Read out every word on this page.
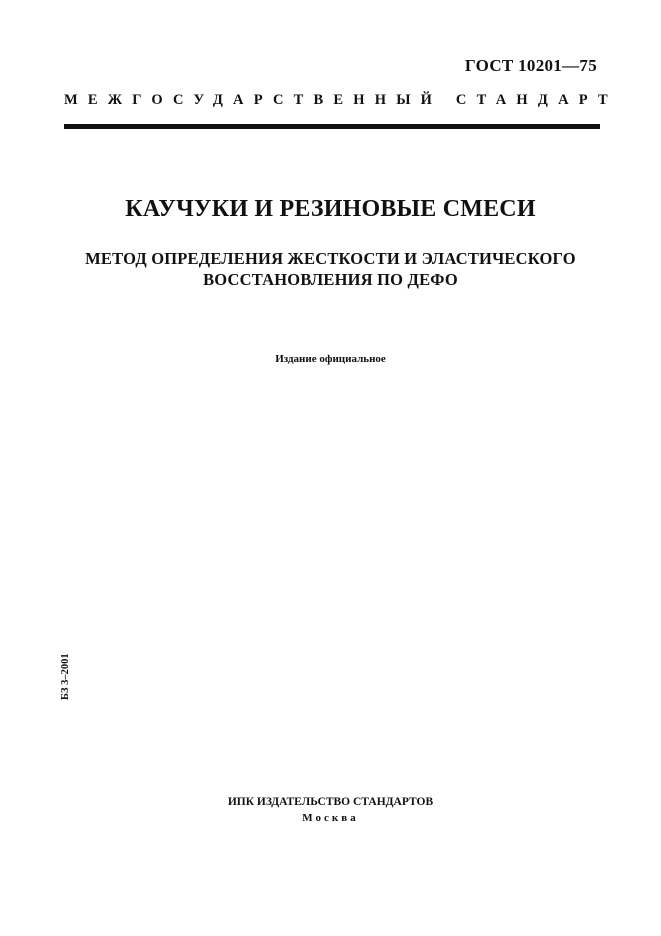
ГОСТ 10201—75
МЕЖГОСУДАРСТВЕННЫЙ СТАНДАРТ
КАУЧУКИ И РЕЗИНОВЫЕ СМЕСИ
МЕТОД ОПРЕДЕЛЕНИЯ ЖЕСТКОСТИ И ЭЛАСТИЧЕСКОГО
ВОССТАНОВЛЕНИЯ ПО ДЕФО
Издание официальное
БЗ 3–2001
ИПК ИЗДАТЕЛЬСТВО СТАНДАРТОВ
Москва
